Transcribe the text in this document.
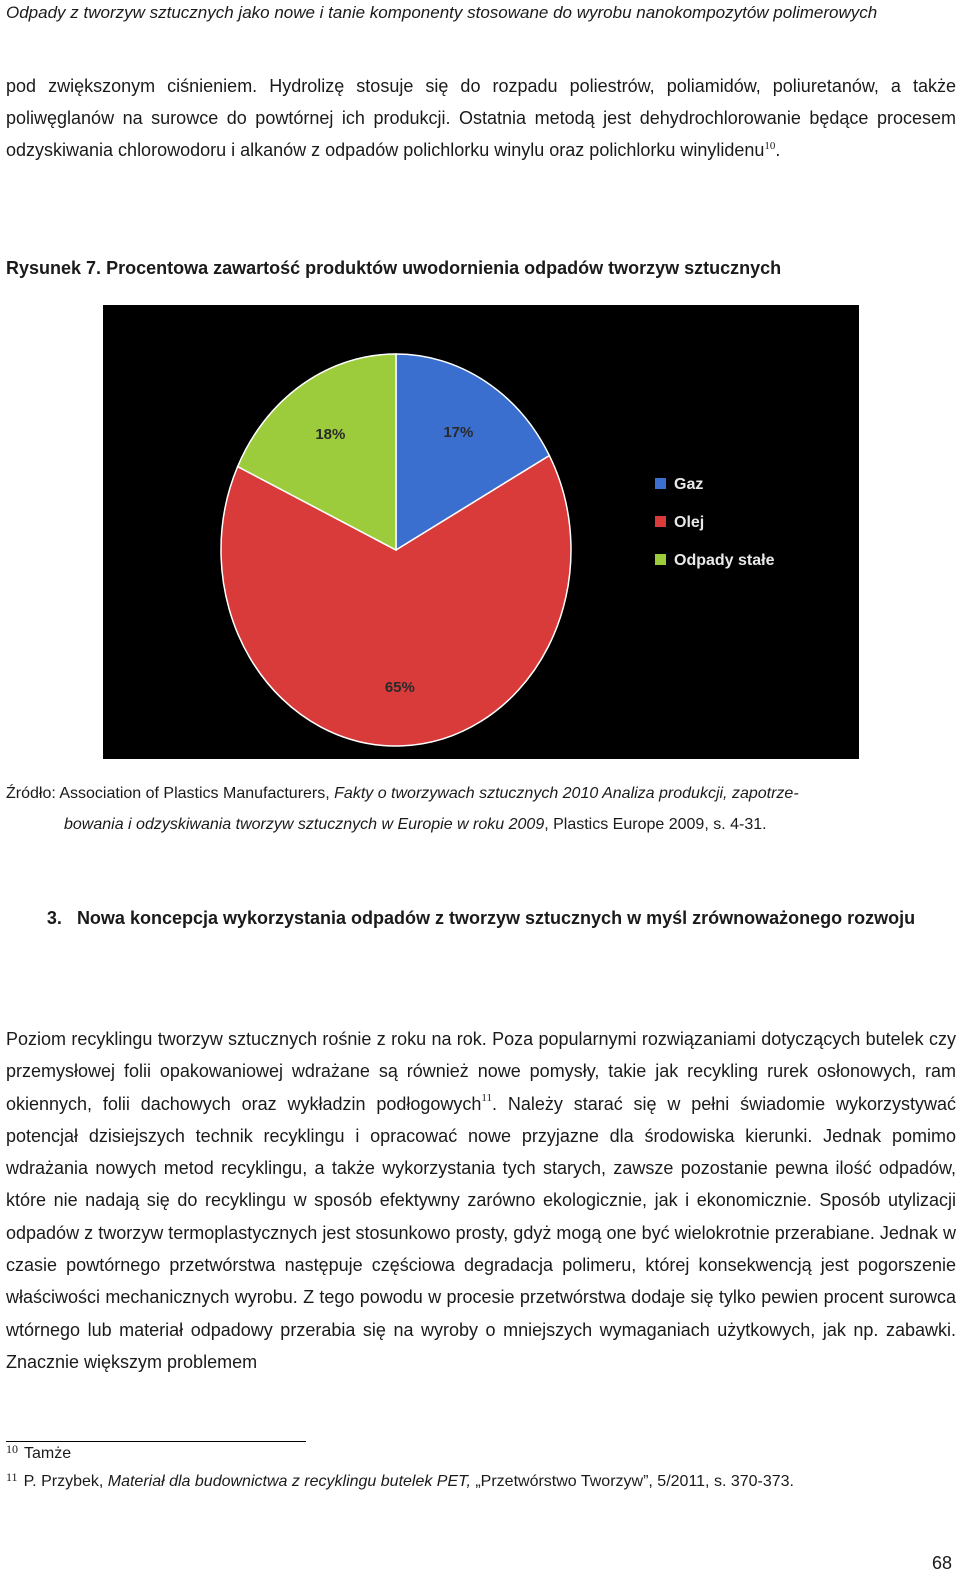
Odpady z tworzyw sztucznych jako nowe i tanie komponenty stosowane do wyrobu nanokompozytów polimerowych
pod zwiększonym ciśnieniem. Hydrolizę stosuje się do rozpadu poliestrów, poliamidów, poliuretanów, a także poliwęglanów na surowce do powtórnej ich produkcji. Ostatnia metodą jest dehydrochlorowanie będące procesem odzyskiwania chlorowodoru i alkanów z odpadów polichlorku winylu oraz polichlorku winylidenu$^{10}$.
Rysunek 7. Procentowa zawartość produktów uwodornienia odpadów tworzyw sztucznych
17%
65%
18%
Gaz
Olej
Odpady stałe
Źródło: Association of Plastics Manufacturers, Fakty o tworzywach sztucznych 2010 Analiza produkcji, zapotrze-
bowania i odzyskiwania tworzyw sztucznych w Europie w roku 2009, Plastics Europe 2009, s. 4-31.
3. Nowa koncepcja wykorzystania odpadów z tworzyw sztucznych w myśl zrównoważonego rozwoju
Poziom recyklingu tworzyw sztucznych rośnie z roku na rok. Poza popularnymi rozwiązaniami dotyczących butelek czy przemysłowej folii opakowaniowej wdrażane są również nowe pomysły, takie jak recykling rurek osłonowych, ram okiennych, folii dachowych oraz wykładzin podłogowych$^{11}$. Należy starać się w pełni świadomie wykorzystywać potencjał dzisiejszych technik recyklingu i opracować nowe przyjazne dla środowiska kierunki. Jednak pomimo wdrażania nowych metod recyklingu, a także wykorzystania tych starych, zawsze pozostanie pewna ilość odpadów, które nie nadają się do recyklingu w sposób efektywny zarówno ekologicznie, jak i ekonomicznie. Sposób utylizacji odpadów z tworzyw termoplastycznych jest stosunkowo prosty, gdyż mogą one być wielokrotnie przerabiane. Jednak w czasie powtórnego przetwórstwa następuje częściowa degradacja polimeru, której konsekwencją jest pogorszenie właściwości mechanicznych wyrobu. Z tego powodu w procesie przetwórstwa dodaje się tylko pewien procent surowca wtórnego lub materiał odpadowy przerabia się na wyroby o mniejszych wymaganiach użytkowych, jak np. zabawki. Znacznie większym problemem
$^{10}$ Tamże
$^{11}$ P. Przybek, Materiał dla budownictwa z recyklingu butelek PET, „Przetwórstwo Tworzyw”, 5/2011, s. 370-373.
68
